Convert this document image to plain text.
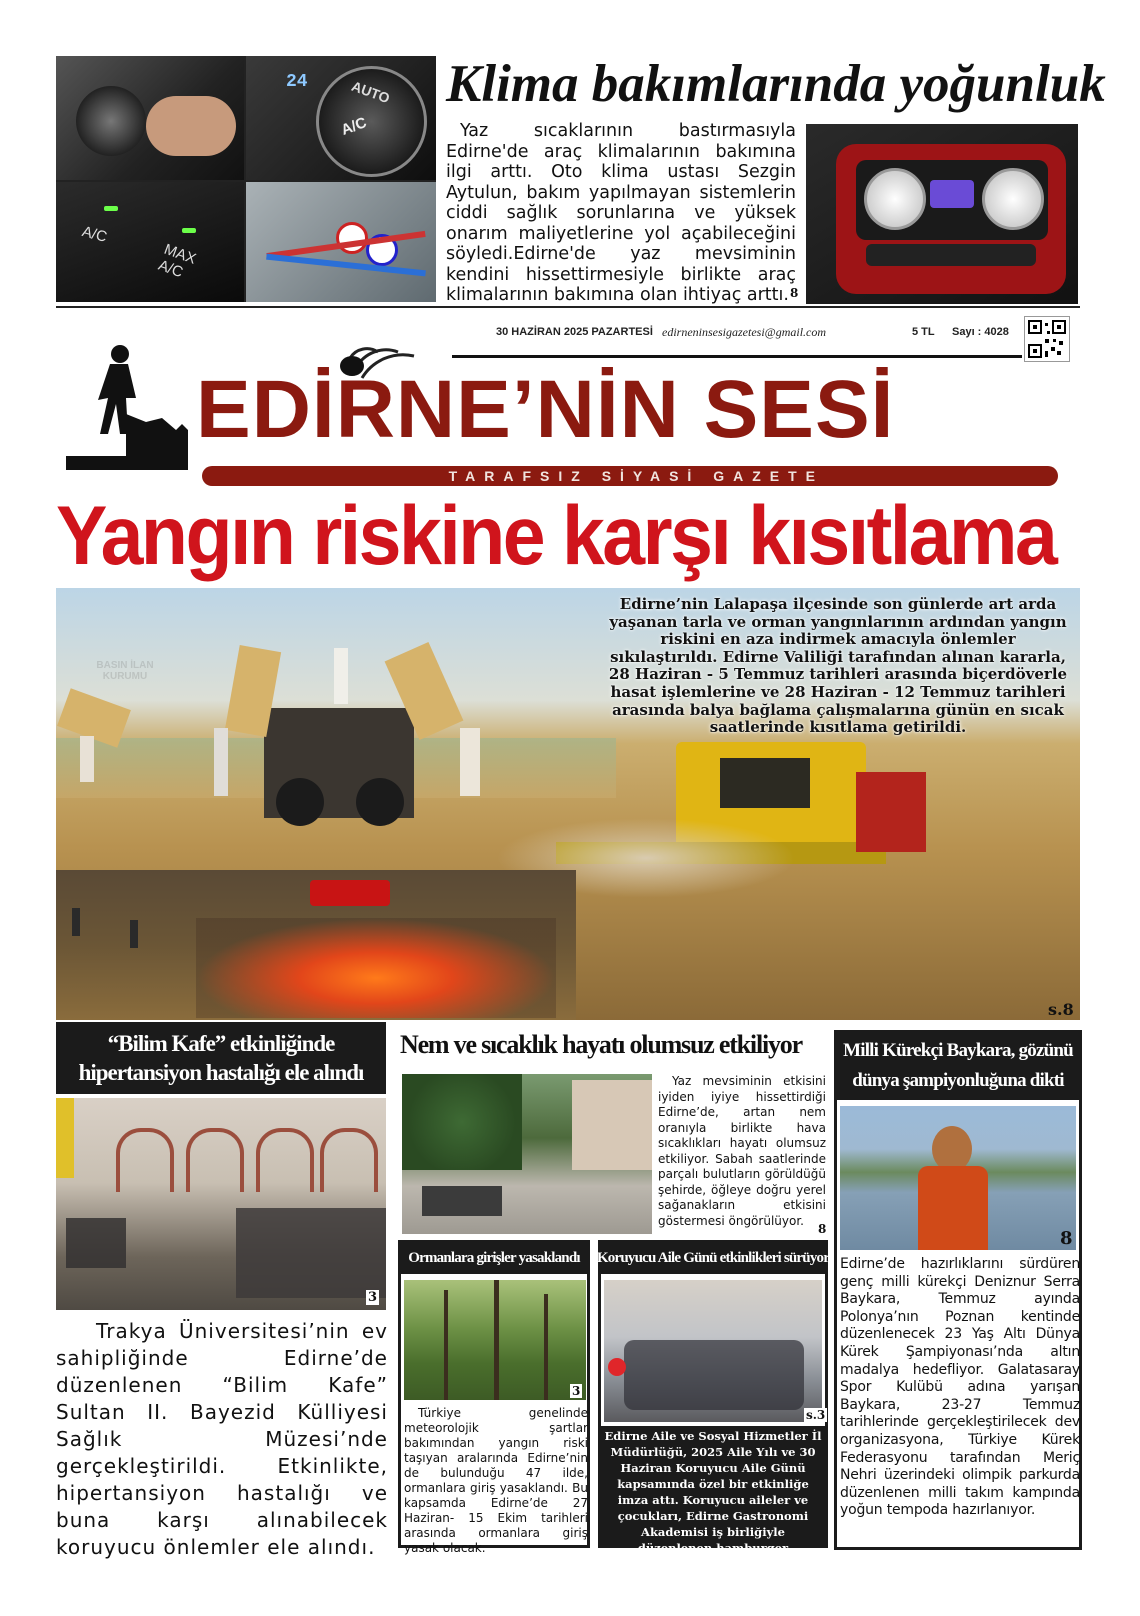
AUTO
A/C
24
A/C
MAX A/C
Klima bakımlarında yoğunluk
Yaz sıcaklarının bastırmasıyla Edirne'de araç klimalarının bakımına ilgi arttı. Oto klima ustası Sezgin Aytulun, bakım yapılmayan sistemlerin ciddi sağlık sorunlarına ve yüksek onarım maliyetlerine yol açabileceğini söyledi.Edirne'de yaz mevsiminin kendini hissettirmesiyle birlikte araç klimalarının bakımına olan ihtiyaç arttı. 8
30 HAZİRAN 2025 PAZARTESİ edirneninsesigazetesi@gmail.com	5 TL Sayı : 4028
EDİRNE’NİN SESİ
TARAFSIZ SİYASİ GAZETE
Yangın riskine karşı kısıtlama
Edirne’nin Lalapaşa ilçesinde son günlerde art arda yaşanan tarla ve orman yangınlarının ardından yangın riskini en aza indirmek amacıyla önlemler sıkılaştırıldı. Edirne Valiliği tarafından alınan kararla, 28 Haziran - 5 Temmuz tarihleri arasında biçerdöverle hasat işlemlerine ve 28 Haziran - 12 Temmuz tarihleri arasında balya bağlama çalışmalarına günün en sıcak saatlerinde kısıtlama getirildi.
s.8
“Bilim Kafe” etkinliğinde hipertansiyon hastalığı ele alındı
3
Trakya Üniversitesi’nin ev sahipliğinde Edirne’de düzenlenen “Bilim Kafe” Sultan II. Bayezid Külliyesi Sağlık Müzesi’nde gerçekleştirildi. Etkinlikte, hipertansiyon hastalığı ve buna karşı alınabilecek koruyucu önlemler ele alındı.
Nem ve sıcaklık hayatı olumsuz etkiliyor
Yaz mevsiminin etkisini iyiden iyiye hissettirdiği Edirne’de, artan nem oranıyla birlikte hava sıcaklıkları hayatı olumsuz etkiliyor. Sabah saatlerinde parçalı bulutların görüldüğü şehirde, öğleye doğru yerel sağanakların etkisini göstermesi öngörülüyor.
8
Ormanlara girişler yasaklandı
3
Türkiye genelinde meteorolojik şartlar bakımından yangın riski taşıyan aralarında Edirne’nin de bulunduğu 47 ilde, ormanlara giriş yasaklandı. Bu kapsamda Edirne’de 27 Haziran- 15 Ekim tarihleri arasında ormanlara giriş yasak olacak.
Koruyucu Aile Günü etkinlikleri sürüyor
s.3
Edirne Aile ve Sosyal Hizmetler İl Müdürlüğü, 2025 Aile Yılı ve 30 Haziran Koruyucu Aile Günü kapsamında özel bir etkinliğe imza attı. Koruyucu aileler ve çocukları, Edirne Gastronomi Akademisi iş birliğiyle düzenlenen hamburger atölyesinde bir araya geldi.
Milli Kürekçi Baykara, gözünü dünya şampiyonluğuna dikti
8
Edirne’de hazırlıklarını sürdüren genç milli kürekçi Deniznur Serra Baykara, Temmuz ayında Polonya’nın Poznan kentinde düzenlenecek 23 Yaş Altı Dünya Kürek Şampiyonası’nda altın madalya hedefliyor. Galatasaray Spor Kulübü adına yarışan Baykara, 23-27 Temmuz tarihlerinde gerçekleştirilecek dev organizasyona, Türkiye Kürek Federasyonu tarafından Meriç Nehri üzerindeki olimpik parkurda düzenlenen milli takım kampında yoğun tempoda hazırlanıyor.
BASIN İLAN KURUMU
